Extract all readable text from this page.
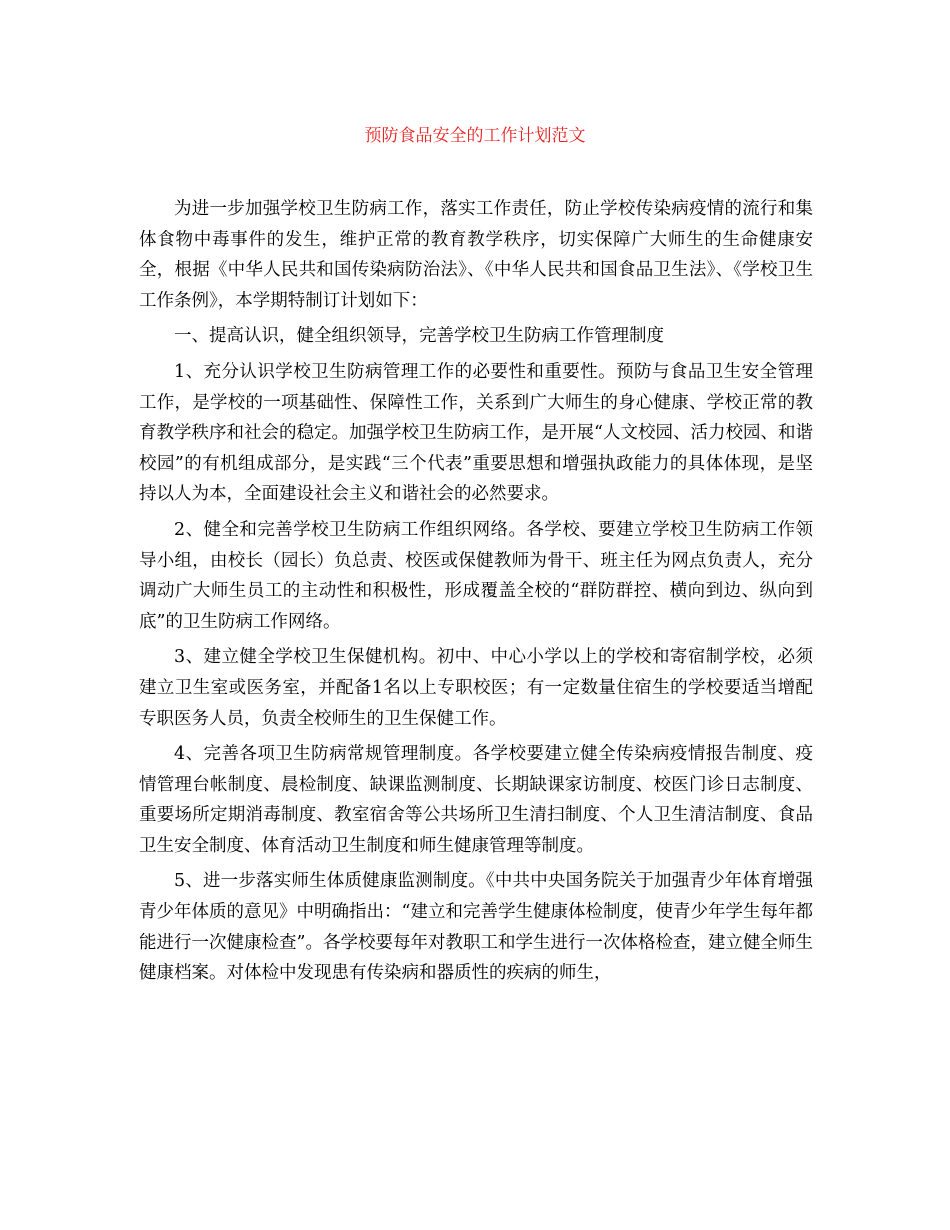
预防食品安全的工作计划范文

为进一步加强学校卫生防病工作，落实工作责任，防止学校传染病疫情的流行和集体食物中毒事件的发生，维护正常的教育教学秩序，切实保障广大师生的生命健康安全，根据《中华人民共和国传染病防治法》、《中华人民共和国食品卫生法》、《学校卫生工作条例》，本学期特制订计划如下：

一、提高认识，健全组织领导，完善学校卫生防病工作管理制度

1、充分认识学校卫生防病管理工作的必要性和重要性。预防与食品卫生安全管理工作，是学校的一项基础性、保障性工作，关系到广大师生的身心健康、学校正常的教育教学秩序和社会的稳定。加强学校卫生防病工作，是开展“人文校园、活力校园、和谐校园”的有机组成部分，是实践“三个代表”重要思想和增强执政能力的具体体现，是坚持以人为本，全面建设社会主义和谐社会的必然要求。

2、健全和完善学校卫生防病工作组织网络。各学校、要建立学校卫生防病工作领导小组，由校长（园长）负总责、校医或保健教师为骨干、班主任为网点负责人，充分调动广大师生员工的主动性和积极性，形成覆盖全校的“群防群控、横向到边、纵向到底”的卫生防病工作网络。

3、建立健全学校卫生保健机构。初中、中心小学以上的学校和寄宿制学校，必须建立卫生室或医务室，并配备1名以上专职校医；有一定数量住宿生的学校要适当增配专职医务人员，负责全校师生的卫生保健工作。

4、完善各项卫生防病常规管理制度。各学校要建立健全传染病疫情报告制度、疫情管理台帐制度、晨检制度、缺课监测制度、长期缺课家访制度、校医门诊日志制度、重要场所定期消毒制度、教室宿舍等公共场所卫生清扫制度、个人卫生清洁制度、食品卫生安全制度、体育活动卫生制度和师生健康管理等制度。

5、进一步落实师生体质健康监测制度。《中共中央国务院关于加强青少年体育增强青少年体质的意见》中明确指出：“建立和完善学生健康体检制度，使青少年学生每年都能进行一次健康检查”。各学校要每年对教职工和学生进行一次体格检查，建立健全师生健康档案。对体检中发现患有传染病和器质性的疾病的师生，
